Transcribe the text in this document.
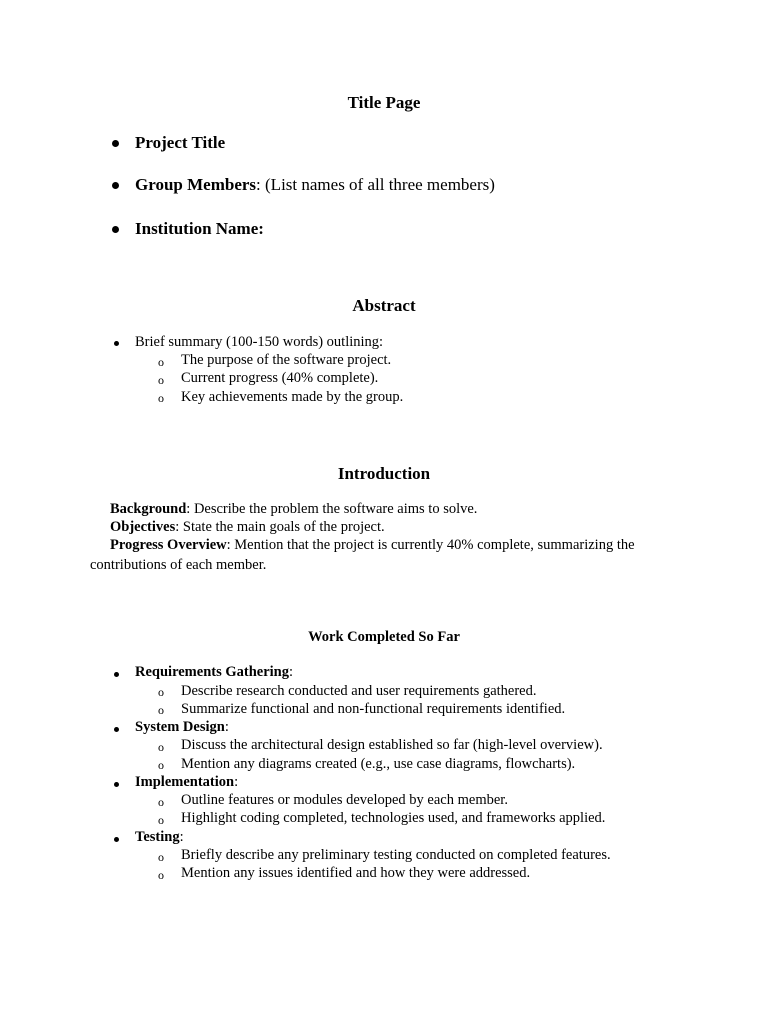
Title Page
Project Title
Group Members: (List names of all three members)
Institution Name:
Abstract
Brief summary (100-150 words) outlining:
o The purpose of the software project.
o Current progress (40% complete).
o Key achievements made by the group.
Introduction
Background: Describe the problem the software aims to solve.
Objectives: State the main goals of the project.
Progress Overview: Mention that the project is currently 40% complete, summarizing the
contributions of each member.
Work Completed So Far
Requirements Gathering:
o Describe research conducted and user requirements gathered.
o Summarize functional and non-functional requirements identified.
System Design:
o Discuss the architectural design established so far (high-level overview).
o Mention any diagrams created (e.g., use case diagrams, flowcharts).
Implementation:
o Outline features or modules developed by each member.
o Highlight coding completed, technologies used, and frameworks applied.
Testing:
o Briefly describe any preliminary testing conducted on completed features.
o Mention any issues identified and how they were addressed.
